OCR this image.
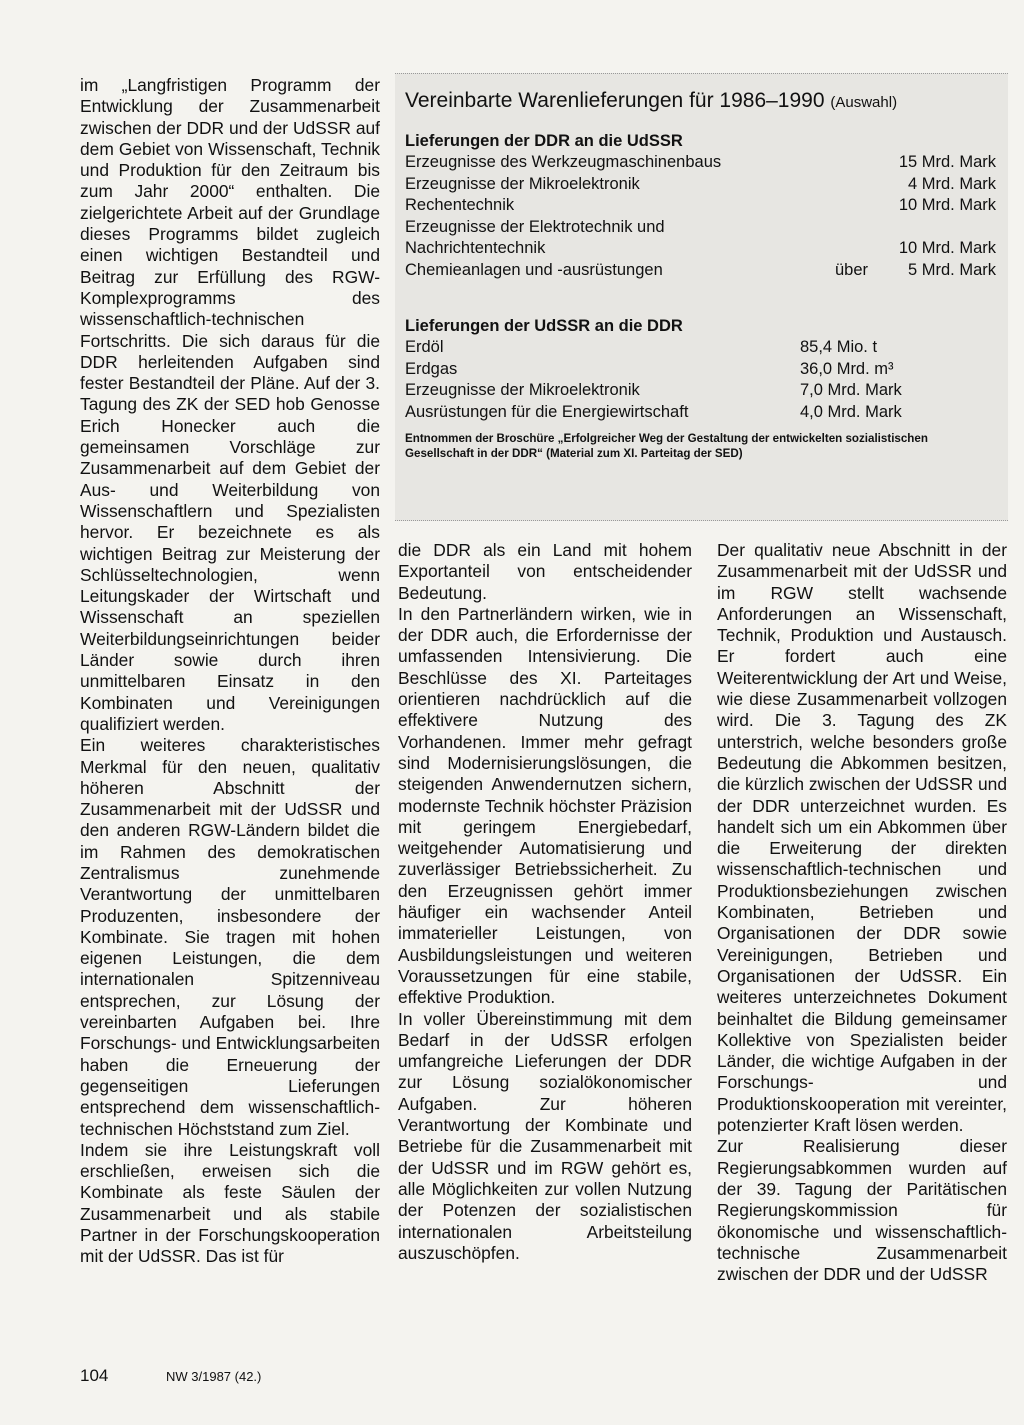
im „Langfristigen Programm der Entwicklung der Zusammenarbeit zwischen der DDR und der UdSSR auf dem Gebiet von Wissenschaft, Technik und Produktion für den Zeitraum bis zum Jahr 2000“ enthalten. Die zielgerichtete Arbeit auf der Grundlage dieses Programms bildet zugleich einen wichtigen Bestandteil und Beitrag zur Erfüllung des RGW-Komplexprogramms des wissenschaftlich-technischen Fortschritts. Die sich daraus für die DDR herleitenden Aufgaben sind fester Bestandteil der Pläne. Auf der 3. Tagung des ZK der SED hob Genosse Erich Honecker auch die gemeinsamen Vorschläge zur Zusammenarbeit auf dem Gebiet der Aus- und Weiterbildung von Wissenschaftlern und Spezialisten hervor. Er bezeichnete es als wichtigen Beitrag zur Meisterung der Schlüsseltechnologien, wenn Leitungskader der Wirtschaft und Wissenschaft an speziellen Weiterbildungseinrichtungen beider Länder sowie durch ihren unmittelbaren Einsatz in den Kombinaten und Vereinigungen qualifiziert werden.

Ein weiteres charakteristisches Merkmal für den neuen, qualitativ höheren Abschnitt der Zusammenarbeit mit der UdSSR und den anderen RGW-Ländern bildet die im Rahmen des demokratischen Zentralismus zunehmende Verantwortung der unmittelbaren Produzenten, insbesondere der Kombinate. Sie tragen mit hohen eigenen Leistungen, die dem internationalen Spitzenniveau entsprechen, zur Lösung der vereinbarten Aufgaben bei. Ihre Forschungs- und Entwicklungsarbeiten haben die Erneuerung der gegenseitigen Lieferungen entsprechend dem wissenschaftlich-technischen Höchststand zum Ziel.

Indem sie ihre Leistungskraft voll erschließen, erweisen sich die Kombinate als feste Säulen der Zusammenarbeit und als stabile Partner in der Forschungskooperation mit der UdSSR. Das ist für

Vereinbarte Warenlieferungen für 1986–1990 (Auswahl)
Lieferungen der DDR an die UdSSR
Erzeugnisse des Werkzeugmaschinenbaus	15 Mrd. Mark
Erzeugnisse der Mikroelektronik	4 Mrd. Mark
Rechentechnik	10 Mrd. Mark
Erzeugnisse der Elektrotechnik und
Nachrichtentechnik	10 Mrd. Mark
Chemieanlagen und -ausrüstungen	über	5 Mrd. Mark
Lieferungen der UdSSR an die DDR
Erdöl	85,4 Mio. t
Erdgas	36,0 Mrd. m³
Erzeugnisse der Mikroelektronik	7,0 Mrd. Mark
Ausrüstungen für die Energiewirtschaft	4,0 Mrd. Mark
Entnommen der Broschüre „Erfolgreicher Weg der Gestaltung der entwickelten sozialistischen Gesellschaft in der DDR“ (Material zum XI. Parteitag der SED)

die DDR als ein Land mit hohem Exportanteil von entscheidender Bedeutung.

In den Partnerländern wirken, wie in der DDR auch, die Erfordernisse der umfassenden Intensivierung. Die Beschlüsse des XI. Parteitages orientieren nachdrücklich auf die effektivere Nutzung des Vorhandenen. Immer mehr gefragt sind Modernisierungslösungen, die steigenden Anwendernutzen sichern, modernste Technik höchster Präzision mit geringem Energiebedarf, weitgehender Automatisierung und zuverlässiger Betriebssicherheit. Zu den Erzeugnissen gehört immer häufiger ein wachsender Anteil immaterieller Leistungen, von Ausbildungsleistungen und weiteren Voraussetzungen für eine stabile, effektive Produktion.

In voller Übereinstimmung mit dem Bedarf in der UdSSR erfolgen umfangreiche Lieferungen der DDR zur Lösung sozialökonomischer Aufgaben. Zur höheren Verantwortung der Kombinate und Betriebe für die Zusammenarbeit mit der UdSSR und im RGW gehört es, alle Möglichkeiten zur vollen Nutzung der Potenzen der sozialistischen internationalen Arbeitsteilung auszuschöpfen.

Der qualitativ neue Abschnitt in der Zusammenarbeit mit der UdSSR und im RGW stellt wachsende Anforderungen an Wissenschaft, Technik, Produktion und Austausch. Er fordert auch eine Weiterentwicklung der Art und Weise, wie diese Zusammenarbeit vollzogen wird. Die 3. Tagung des ZK unterstrich, welche besonders große Bedeutung die Abkommen besitzen, die kürzlich zwischen der UdSSR und der DDR unterzeichnet wurden. Es handelt sich um ein Abkommen über die Erweiterung der direkten wissenschaftlich-technischen und Produktionsbeziehungen zwischen Kombinaten, Betrieben und Organisationen der DDR sowie Vereinigungen, Betrieben und Organisationen der UdSSR. Ein weiteres unterzeichnetes Dokument beinhaltet die Bildung gemeinsamer Kollektive von Spezialisten beider Länder, die wichtige Aufgaben in der Forschungs- und Produktionskooperation mit vereinter, potenzierter Kraft lösen werden.

Zur Realisierung dieser Regierungsabkommen wurden auf der 39. Tagung der Paritätischen Regierungskommission für ökonomische und wissenschaftlich-technische Zusammenarbeit zwischen der DDR und der UdSSR

104	NW 3/1987 (42.)
